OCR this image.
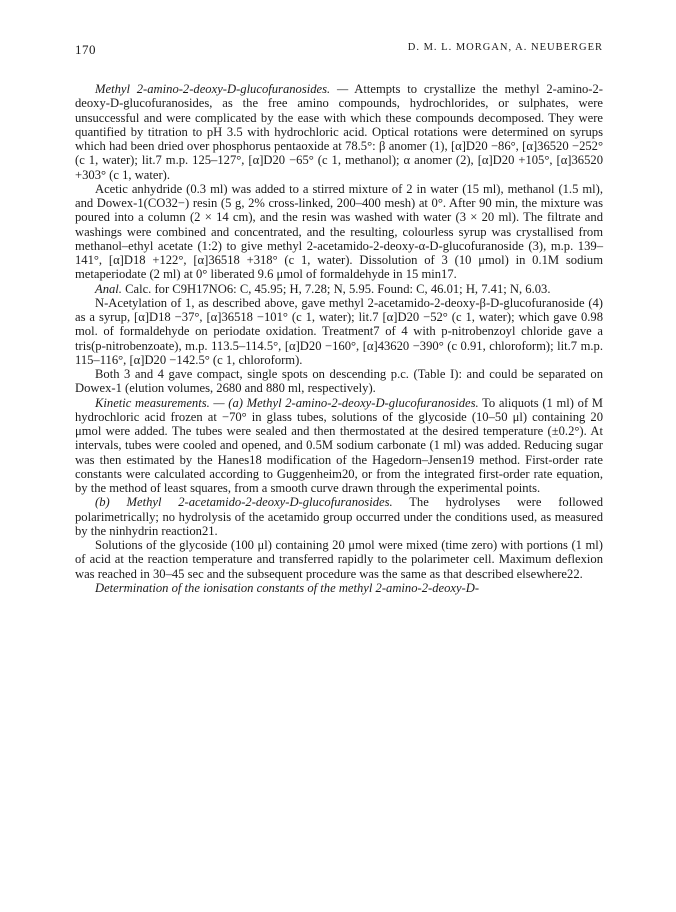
170	D. M. L. MORGAN, A. NEUBERGER

Methyl 2-amino-2-deoxy-D-glucofuranosides. — Attempts to crystallize the methyl 2-amino-2-deoxy-D-glucofuranosides, as the free amino compounds, hydrochlorides, or sulphates, were unsuccessful and were complicated by the ease with which these compounds decomposed. They were quantified by titration to pH 3.5 with hydrochloric acid. Optical rotations were determined on syrups which had been dried over phosphorus pentaoxide at 78.5°: β anomer (1), [α]D20 −86°, [α]36520 −252° (c 1, water); lit.7 m.p. 125–127°, [α]D20 −65° (c 1, methanol); α anomer (2), [α]D20 +105°, [α]36520 +303° (c 1, water).

Acetic anhydride (0.3 ml) was added to a stirred mixture of 2 in water (15 ml), methanol (1.5 ml), and Dowex-1(CO32−) resin (5 g, 2% cross-linked, 200–400 mesh) at 0°. After 90 min, the mixture was poured into a column (2 × 14 cm), and the resin was washed with water (3 × 20 ml). The filtrate and washings were combined and concentrated, and the resulting, colourless syrup was crystallised from methanol–ethyl acetate (1:2) to give methyl 2-acetamido-2-deoxy-α-D-glucofuranoside (3), m.p. 139–141°, [α]D18 +122°, [α]36518 +318° (c 1, water). Dissolution of 3 (10 μmol) in 0.1M sodium metaperiodate (2 ml) at 0° liberated 9.6 μmol of formaldehyde in 15 min17.

Anal. Calc. for C9H17NO6: C, 45.95; H, 7.28; N, 5.95. Found: C, 46.01; H, 7.41; N, 6.03.

N-Acetylation of 1, as described above, gave methyl 2-acetamido-2-deoxy-β-D-glucofuranoside (4) as a syrup, [α]D18 −37°, [α]36518 −101° (c 1, water); lit.7 [α]D20 −52° (c 1, water); which gave 0.98 mol. of formaldehyde on periodate oxidation. Treatment7 of 4 with p-nitrobenzoyl chloride gave a tris(p-nitrobenzoate), m.p. 113.5–114.5°, [α]D20 −160°, [α]43620 −390° (c 0.91, chloroform); lit.7 m.p. 115–116°, [α]D20 −142.5° (c 1, chloroform).

Both 3 and 4 gave compact, single spots on descending p.c. (Table I): and could be separated on Dowex-1 (elution volumes, 2680 and 880 ml, respectively).

Kinetic measurements. — (a) Methyl 2-amino-2-deoxy-D-glucofuranosides. To aliquots (1 ml) of M hydrochloric acid frozen at −70° in glass tubes, solutions of the glycoside (10–50 μl) containing 20 μmol were added. The tubes were sealed and then thermostated at the desired temperature (±0.2°). At intervals, tubes were cooled and opened, and 0.5M sodium carbonate (1 ml) was added. Reducing sugar was then estimated by the Hanes18 modification of the Hagedorn–Jensen19 method. First-order rate constants were calculated according to Guggenheim20, or from the integrated first-order rate equation, by the method of least squares, from a smooth curve drawn through the experimental points.

(b) Methyl 2-acetamido-2-deoxy-D-glucofuranosides. The hydrolyses were followed polarimetrically; no hydrolysis of the acetamido group occurred under the conditions used, as measured by the ninhydrin reaction21.

Solutions of the glycoside (100 μl) containing 20 μmol were mixed (time zero) with portions (1 ml) of acid at the reaction temperature and transferred rapidly to the polarimeter cell. Maximum deflexion was reached in 30–45 sec and the subsequent procedure was the same as that described elsewhere22.

Determination of the ionisation constants of the methyl 2-amino-2-deoxy-D-
